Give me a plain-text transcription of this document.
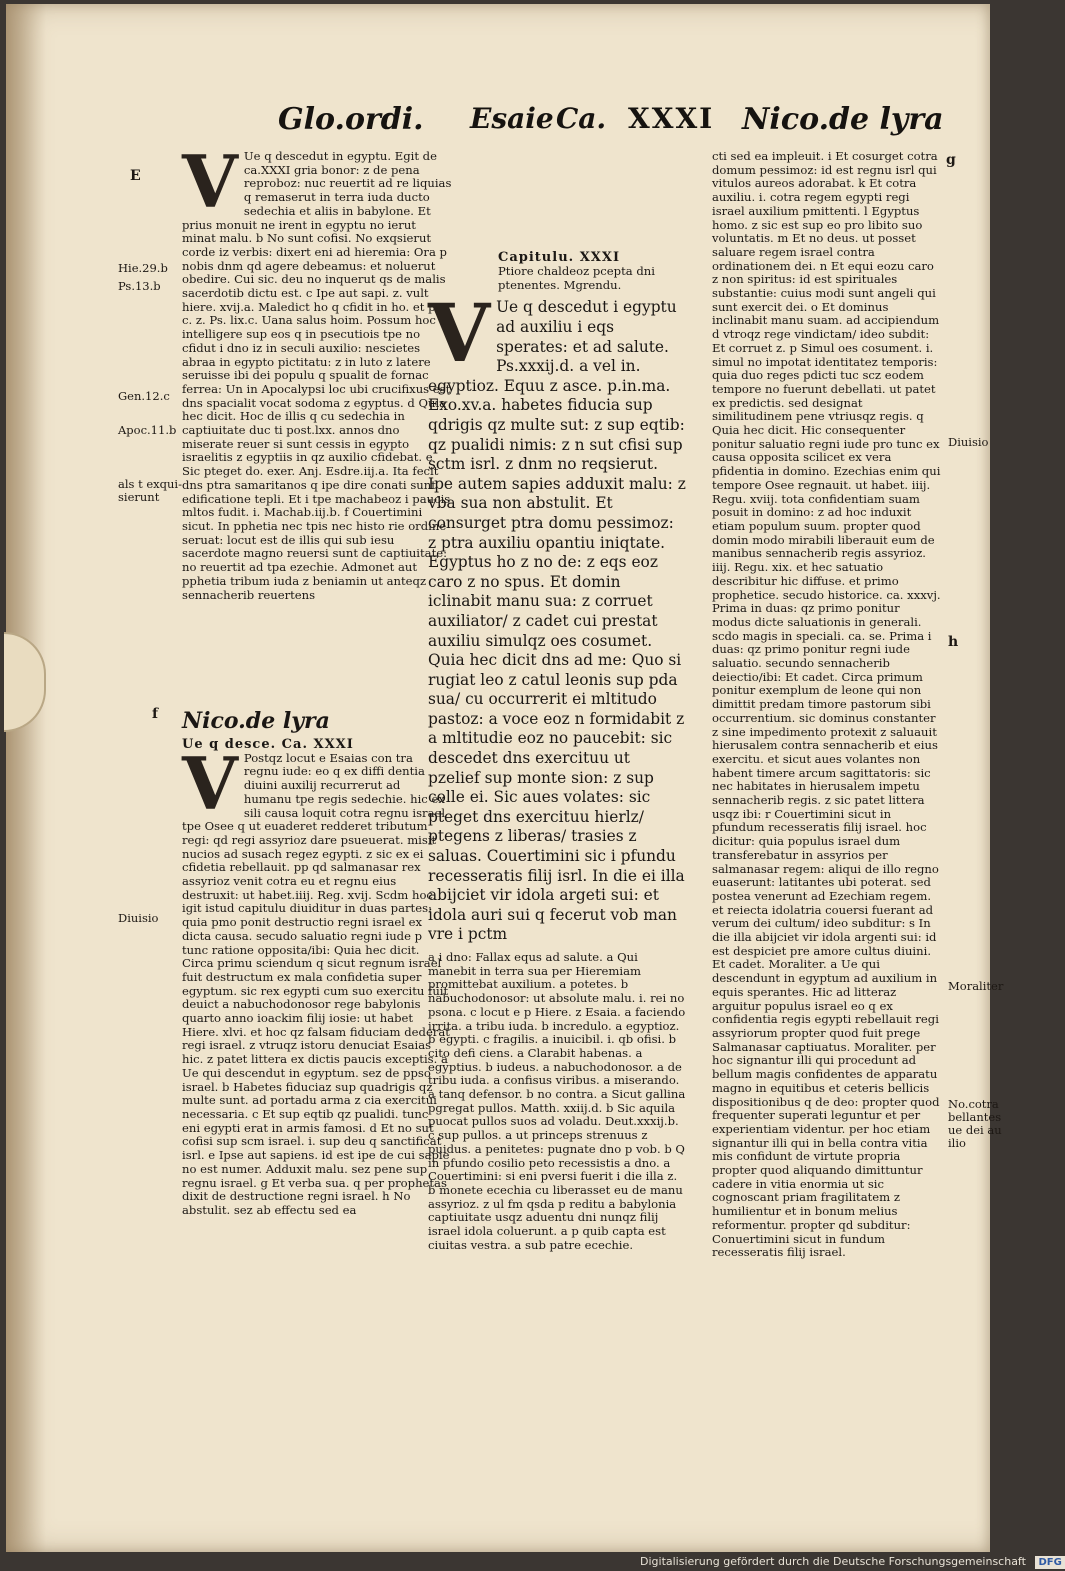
Glo.ordi. Esaie Ca. XXXI Nico.de lyra
E
Hie.29.b
Ps.13.b
Gen.12.c
Apoc.11.b
als t exqui-
sierunt
Diuisio
f
g
Diuisio
h
Moraliter
No.cotra
bellantes
ue dei au
ilio
V Ue q descedut in egyptu. Egit de ca.XXXI gria bonor: z de pena reproboz: nuc reuertit ad re liquias q remaserut in terra iuda ducto sedechia et aliis in babylone. Et prius monuit ne irent in egyptu no ierut minat malu. b No sunt cofisi. No exqsierut corde iz verbis: dixert eni ad hieremia: Ora p nobis dnm qd agere debeamus: et noluerut obedire. Cui sic. deu no inquerut qs de malis sacerdotib dictu est. c Ipe aut sapi. z. vult hiere. xvij.a. Maledict ho q cfidit in ho. et po. c. z. Ps. lix.c. Uana salus hoim. Possum hoc intelligere sup eos q in psecutiois tpe no cfidut i dno iz in seculi auxilio: nescietes abraa in egypto pictitatu: z in luto z latere seruisse ibi dei populu q spualit de fornac ferrea: Un in Apocalypsi loc ubi crucifixus est dns spacialit vocat sodoma z egyptus. d Quia hec dicit. Hoc de illis q cu sedechia in captiuitate duc ti post.lxx. annos dno miserate reuer si sunt cessis in egypto israelitis z egyptiis in qz auxilio cfidebat. e Sic pteget do. exer. Anj. Esdre.iij.a. Ita fecit dns ptra samaritanos q ipe dire conati sunt edificatione tepli. Et i tpe machabeoz i paucis mltos fudit. i. Machab.iij.b. f Couertimini sicut. In pphetia nec tpis nec histo rie ordine seruat: locut est de illis qui sub iesu sacerdote magno reuersi sunt de captiuitate: no reuertit ad tpa ezechie. Admonet aut pphetia tribum iuda z beniamin ut anteqz sennacherib reuertens

Nico.de lyra
Ue q desce. Ca. XXXI
V Postqz locut e Esaias con tra regnu iude: eo q ex diffi dentia diuini auxilij recurrerut ad humanu tpe regis sedechie. hic ex sili causa loquit cotra regnu israel tpe Osee q ut euaderet redderet tributum regi: qd regi assyrioz dare psueuerat. misit nucios ad susach regez egypti. z sic ex ei cfidetia rebellauit. pp qd salmanasar rex assyrioz venit cotra eu et regnu eius destruxit: ut habet.iiij. Reg. xvij. Scdm hoc igit istud capitulu diuiditur in duas partes: quia pmo ponit destructio regni israel ex dicta causa. secudo saluatio regni iude p tunc ratione opposita/ibi: Quia hec dicit. Circa primu sciendum q sicut regnum israel fuit destructum ex mala confidetia super egyptum. sic rex egypti cum suo exercitu fuit deuict a nabuchodonosor rege babylonis quarto anno ioackim filij iosie: ut habet Hiere. xlvi. et hoc qz falsam fiduciam dederat regi israel. z vtruqz istoru denuciat Esaias hic. z patet littera ex dictis paucis exceptis. a Ue qui descendut in egyptum. sez de ppso israel. b Habetes fiduciaz sup quadrigis qz multe sunt. ad portadu arma z cia exercitui necessaria. c Et sup eqtib qz pualidi. tunc eni egypti erat in armis famosi. d Et no sut cofisi sup scm israel. i. sup deu q sanctificat isrl. e Ipse aut sapiens. id est ipe de cui sapie no est numer. Adduxit malu. sez pene sup regnu israel. g Et verba sua. q per prophetas dixit de destructione regni israel. h No abstulit. sez ab effectu sed ea

Capitulu. XXXI
Ptiore chaldeoz pcepta dni ptenentes. Mgrendu.
V Ue q descedut i egyptu ad auxiliu i eqs sperates: et ad salute. Ps.xxxij.d. a vel in. egyptioz. Equu z asce. p.in.ma. Exo.xv.a. habetes fiducia sup qdrigis qz multe sut: z sup eqtib: qz pualidi nimis: z n sut cfisi sup sctm isrl. z dnm no reqsierut. Ipe autem sapies adduxit malu: z vba sua non abstulit. Et consurget ptra domu pessimoz: z ptra auxiliu opantiu iniqtate. Egyptus ho z no de: z eqs eoz caro z no spus. Et domin iclinabit manu sua: z corruet auxiliator/ z cadet cui prestat auxiliu simulqz oes cosumet. Quia hec dicit dns ad me: Quo si rugiat leo z catul leonis sup pda sua/ cu occurrerit ei mltitudo pastoz: a voce eoz n formidabit z a mltitudie eoz no paucebit: sic descedet dns exercituu ut pzelief sup monte sion: z sup colle ei. Sic aues volates: sic pteget dns exercituu hierlz/ ptegens z liberas/ trasies z saluas. Couertimini sic i pfundu recesseratis filij isrl. In die ei illa abijciet vir idola argeti sui: et idola auri sui q fecerut vob man vre i pctm

a i dno: Fallax equs ad salute. a Qui manebit in terra sua per Hieremiam promittebat auxilium. a potetes. b nabuchodonosor: ut absolute malu. i. rei no psona. c locut e p Hiere. z Esaia. a faciendo irrita. a tribu iuda. b incredulo. a egyptioz. b egypti. c fragilis. a inuicibil. i. qb ofisi. b cito defi ciens. a Clarabit habenas. a egyptius. b iudeus. a nabuchodonosor. a de tribu iuda. a confisus viribus. a miserando. a tanq defensor. b no contra. a Sicut gallina pgregat pullos. Matth. xxiij.d. b Sic aquila puocat pullos suos ad voladu. Deut.xxxij.b. c sup pullos. a ut princeps strenuus z puidus. a penitetes: pugnate dno p vob. b Q in pfundo cosilio peto recessistis a dno. a Couertimini: si eni pversi fuerit i die illa z. b monete ecechia cu liberasset eu de manu assyrioz. z ul fm qsda p reditu a babylonia captiuitate usqz aduentu dni nunqz filij israel idola coluerunt. a p quib capta est ciuitas vestra. a sub patre ecechie.

cti sed ea impleuit. i Et cosurget cotra domum pessimoz: id est regnu isrl qui vitulos aureos adorabat. k Et cotra auxiliu. i. cotra regem egypti regi israel auxilium pmittenti. l Egyptus homo. z sic est sup eo pro libito suo voluntatis. m Et no deus. ut posset saluare regem israel contra ordinationem dei. n Et equi eozu caro z non spiritus: id est spirituales substantie: cuius modi sunt angeli qui sunt exercit dei. o Et dominus inclinabit manu suam. ad accipiendum d vtroqz rege vindictam/ ideo subdit: Et corruet z. p Simul oes cosument. i. simul no impotat identitatez temporis: quia duo reges pdicti tuc scz eodem tempore no fuerunt debellati. ut patet ex predictis. sed designat similitudinem pene vtriusqz regis. q Quia hec dicit. Hic consequenter ponitur saluatio regni iude pro tunc ex causa opposita scilicet ex vera pfidentia in domino. Ezechias enim qui tempore Osee regnauit. ut habet. iiij. Regu. xviij. tota confidentiam suam posuit in domino: z ad hoc induxit etiam populum suum. propter quod domin modo mirabili liberauit eum de manibus sennacherib regis assyrioz. iiij. Regu. xix. et hec satuatio describitur hic diffuse. et primo prophetice. secudo historice. ca. xxxvj. Prima in duas: qz primo ponitur modus dicte saluationis in generali. scdo magis in speciali. ca. se. Prima i duas: qz primo ponitur regni iude saluatio. secundo sennacherib deiectio/ibi: Et cadet. Circa primum ponitur exemplum de leone qui non dimittit predam timore pastorum sibi occurrentium. sic dominus constanter z sine impedimento protexit z saluauit hierusalem contra sennacherib et eius exercitu. et sicut aues volantes non habent timere arcum sagittatoris: sic nec habitates in hierusalem impetu sennacherib regis. z sic patet littera usqz ibi: r Couertimini sicut in pfundum recesseratis filij israel. hoc dicitur: quia populus israel dum transferebatur in assyrios per salmanasar regem: aliqui de illo regno euaserunt: latitantes ubi poterat. sed postea venerunt ad Ezechiam regem. et reiecta idolatria couersi fuerant ad verum dei cultum/ ideo subditur: s In die illa abijciet vir idola argenti sui: id est despiciet pre amore cultus diuini. Et cadet. Moraliter. a Ue qui descendunt in egyptum ad auxilium in equis sperantes. Hic ad litteraz arguitur populus israel eo q ex confidentia regis egypti rebellauit regi assyriorum propter quod fuit prege Salmanasar captiuatus. Moraliter. per hoc signantur illi qui procedunt ad bellum magis confidentes de apparatu magno in equitibus et ceteris bellicis dispositionibus q de deo: propter quod frequenter superati leguntur et per experientiam videntur. per hoc etiam signantur illi qui in bella contra vitia mis confidunt de virtute propria propter quod aliquando dimittuntur cadere in vitia enormia ut sic cognoscant priam fragilitatem z humilientur et in bonum melius reformentur. propter qd subditur: Conuertimini sicut in fundum recesseratis filij israel.

Digitalisierung gefördert durch die Deutsche Forschungsgemeinschaft DFG
